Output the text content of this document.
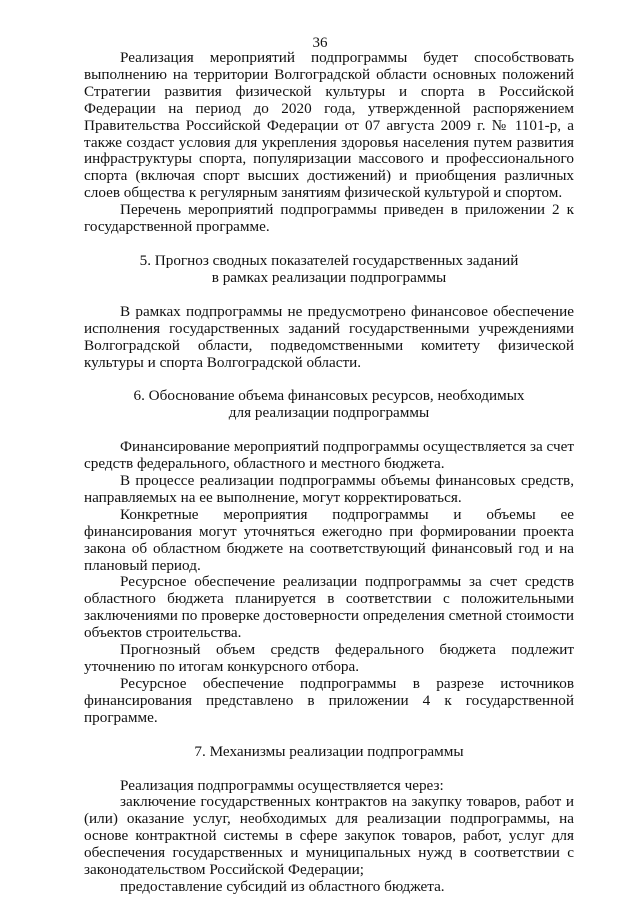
36

Реализация мероприятий подпрограммы будет способствовать выполнению на территории Волгоградской области основных положений Стратегии развития физической культуры и спорта в Российской Федерации на период до 2020 года, утвержденной распоряжением Правительства Российской Федерации от 07 августа 2009 г. № 1101-р, а также создаст условия для укрепления здоровья населения путем развития инфраструктуры спорта, популяризации массового и профессионального спорта (включая спорт высших достижений) и приобщения различных слоев общества к регулярным занятиям физической культурой и спортом.

Перечень мероприятий подпрограммы приведен в приложении 2 к государственной программе.

5. Прогноз сводных показателей государственных заданий
в рамках реализации подпрограммы

В рамках подпрограммы не предусмотрено финансовое обеспечение исполнения государственных заданий государственными учреждениями Волгоградской области, подведомственными комитету физической культуры и спорта Волгоградской области.

6. Обоснование объема финансовых ресурсов, необходимых
для реализации подпрограммы

Финансирование мероприятий подпрограммы осуществляется за счет средств федерального, областного и местного бюджета.

В процессе реализации подпрограммы объемы финансовых средств, направляемых на ее выполнение, могут корректироваться.

Конкретные мероприятия подпрограммы и объемы ее финансирования могут уточняться ежегодно при формировании проекта закона об областном бюджете на соответствующий финансовый год и на плановый период.

Ресурсное обеспечение реализации подпрограммы за счет средств областного бюджета планируется в соответствии с положительными заключениями по проверке достоверности определения сметной стоимости объектов строительства.

Прогнозный объем средств федерального бюджета подлежит уточнению по итогам конкурсного отбора.

Ресурсное обеспечение подпрограммы в разрезе источников финансирования представлено в приложении 4 к государственной программе.

7. Механизмы реализации подпрограммы

Реализация подпрограммы осуществляется через:

заключение государственных контрактов на закупку товаров, работ и (или) оказание услуг, необходимых для реализации подпрограммы, на основе контрактной системы в сфере закупок товаров, работ, услуг для обеспечения государственных и муниципальных нужд в соответствии с законодательством Российской Федерации;

предоставление субсидий из областного бюджета.
